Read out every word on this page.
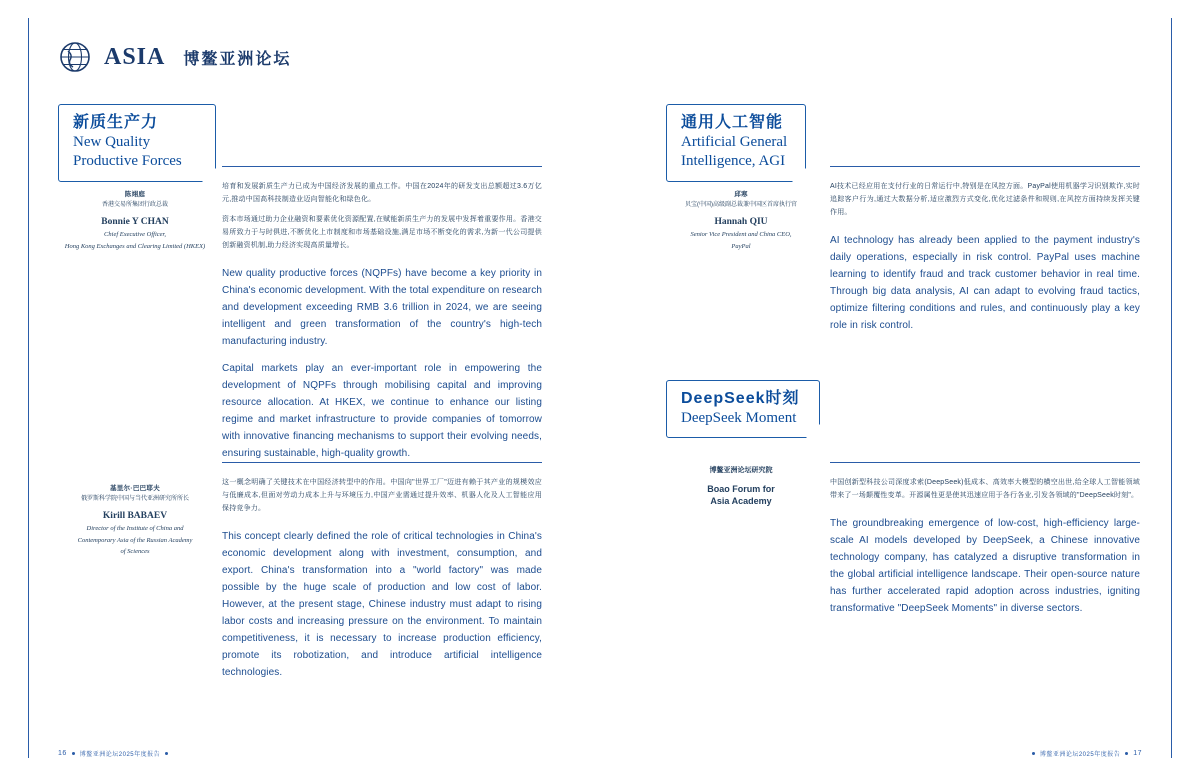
ASIA 博鳌亚洲论坛
新质生产力
New Quality
Productive Forces
通用人工智能
Artificial General
Intelligence, AGI
DeepSeek时刻
DeepSeek Moment
陈翊庭
香港交易所集团行政总裁
Bonnie Y CHAN
Chief Executive Officer,
Hong Kong Exchanges and Clearing Limited (HKEX)
基里尔·巴巴耶夫
俄罗斯科学院中国与当代亚洲研究所所长
Kirill BABAEV
Director of the Institute of China and
Contemporary Asia of the Russian Academy
of Sciences
邱寒
贝宝(中国)高级副总裁兼中国区首席执行官
Hannah QIU
Senior Vice President and China CEO,
PayPal
博鳌亚洲论坛研究院
Boao Forum for
Asia Academy

培育和发展新质生产力已成为中国经济发展的重点工作。中国在2024年的研发支出总额超过3.6万亿元,推动中国高科技制造业迈向智能化和绿色化。

资本市场通过助力企业融资和要素优化资源配置,在赋能新质生产力的发展中发挥着重要作用。香港交易所致力于与时俱进,不断优化上市制度和市场基础设施,满足市场不断变化的需求,为新一代公司提供创新融资机制,助力经济实现高质量增长。

New quality productive forces (NQPFs) have become a key priority in China's economic development. With the total expenditure on research and development exceeding RMB 3.6 trillion in 2024, we are seeing intelligent and green transformation of the country's high-tech manufacturing industry.

Capital markets play an ever-important role in empowering the development of NQPFs through mobilising capital and improving resource allocation. At HKEX, we continue to enhance our listing regime and market infrastructure to provide companies of tomorrow with innovative financing mechanisms to support their evolving needs, ensuring sustainable, high-quality growth.

这一概念明确了关键技术在中国经济转型中的作用。中国向"世界工厂"迈进有赖于其产业的规模效应与低廉成本,但面对劳动力成本上升与环境压力,中国产业需通过提升效率、机器人化及人工智能应用保持竞争力。

This concept clearly defined the role of critical technologies in China's economic development along with investment, consumption, and export. China's transformation into a "world factory" was made possible by the huge scale of production and low cost of labor. However, at the present stage, Chinese industry must adapt to rising labor costs and increasing pressure on the environment. To maintain competitiveness, it is necessary to increase production efficiency, promote its robotization, and introduce artificial intelligence technologies.

AI技术已经应用在支付行业的日常运行中,特别是在风控方面。PayPal使用机器学习识别欺诈,实时追踪客户行为,通过大数据分析,适应激烈方式变化,优化过滤条件和规则,在风控方面持续发挥关键作用。

AI technology has already been applied to the payment industry's daily operations, especially in risk control. PayPal uses machine learning to identify fraud and track customer behavior in real time. Through big data analysis, AI can adapt to evolving fraud tactics, optimize filtering conditions and rules, and continuously play a key role in risk control.

中国创新型科技公司深度求索(DeepSeek)低成本、高效率大模型的横空出世,给全球人工智能领域带来了一场颠覆性变革。开源属性更是使其迅速应用于各行各业,引发各领域的"DeepSeek时刻"。

The groundbreaking emergence of low-cost, high-efficiency large-scale AI models developed by DeepSeek, a Chinese innovative technology company, has catalyzed a disruptive transformation in the global artificial intelligence landscape. Their open-source nature has further accelerated rapid adoption across industries, igniting transformative "DeepSeek Moments" in diverse sectors.

16 博鳌亚洲论坛2025年度报告	博鳌亚洲论坛2025年度报告 17
